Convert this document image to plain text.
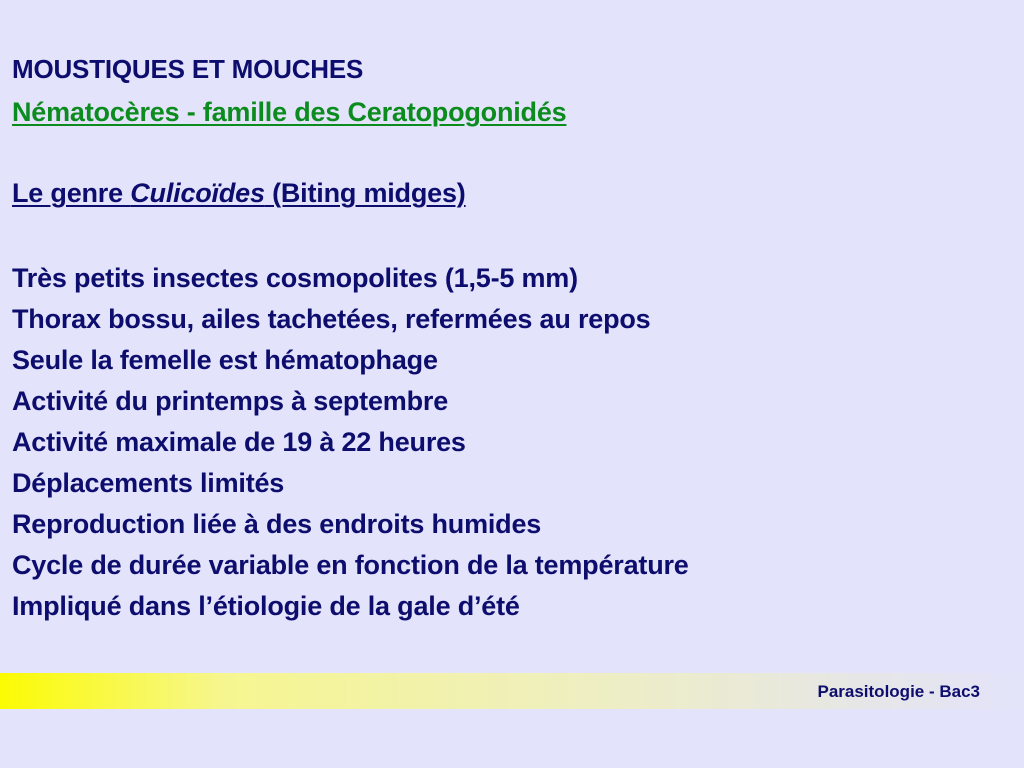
MOUSTIQUES ET MOUCHES
Nématocères - famille des Ceratopogonidés
Le genre Culicoïdes (Biting midges)
Très petits insectes cosmopolites (1,5-5 mm)
Thorax bossu, ailes tachetées, refermées au repos
Seule la femelle est hématophage
Activité du printemps à septembre
Activité maximale de 19 à 22 heures
Déplacements limités
Reproduction liée à des endroits humides
Cycle de durée variable en fonction de la température
Impliqué dans l’étiologie de la gale d’été
Parasitologie - Bac3
